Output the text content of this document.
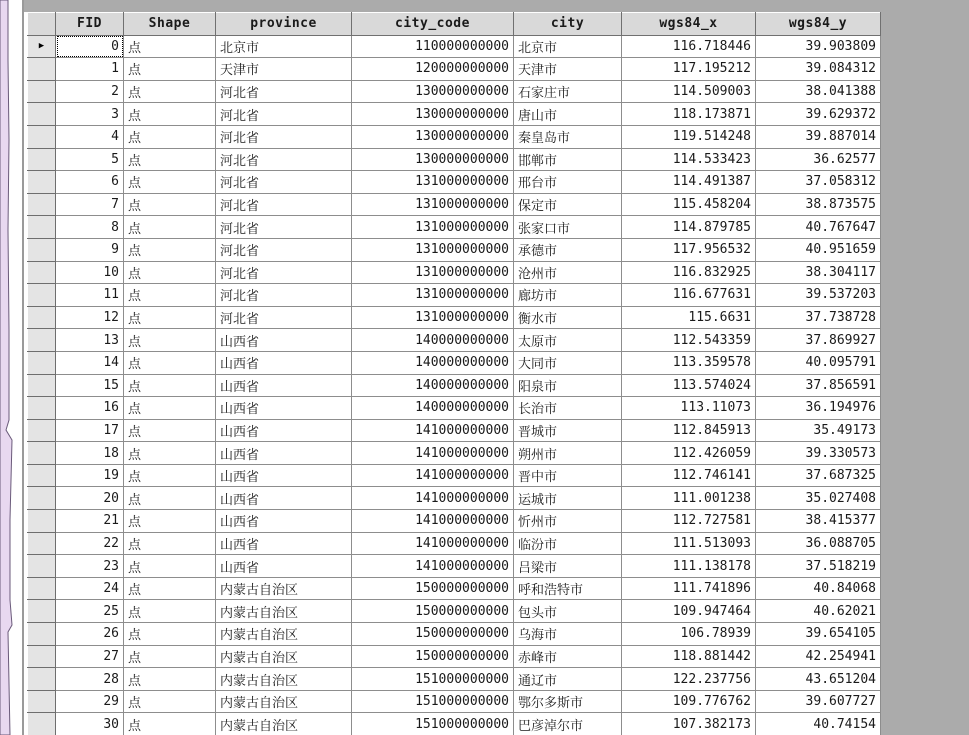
	FID	Shape	province	city_code	city	wgs84_x	wgs84_y
▶	0	点	北京市	110000000000	北京市	116.718446	39.903809
	1	点	天津市	120000000000	天津市	117.195212	39.084312
	2	点	河北省	130000000000	石家庄市	114.509003	38.041388
	3	点	河北省	130000000000	唐山市	118.173871	39.629372
	4	点	河北省	130000000000	秦皇岛市	119.514248	39.887014
	5	点	河北省	130000000000	邯郸市	114.533423	36.62577
	6	点	河北省	131000000000	邢台市	114.491387	37.058312
	7	点	河北省	131000000000	保定市	115.458204	38.873575
	8	点	河北省	131000000000	张家口市	114.879785	40.767647
	9	点	河北省	131000000000	承德市	117.956532	40.951659
	10	点	河北省	131000000000	沧州市	116.832925	38.304117
	11	点	河北省	131000000000	廊坊市	116.677631	39.537203
	12	点	河北省	131000000000	衡水市	115.6631	37.738728
	13	点	山西省	140000000000	太原市	112.543359	37.869927
	14	点	山西省	140000000000	大同市	113.359578	40.095791
	15	点	山西省	140000000000	阳泉市	113.574024	37.856591
	16	点	山西省	140000000000	长治市	113.11073	36.194976
	17	点	山西省	141000000000	晋城市	112.845913	35.49173
	18	点	山西省	141000000000	朔州市	112.426059	39.330573
	19	点	山西省	141000000000	晋中市	112.746141	37.687325
	20	点	山西省	141000000000	运城市	111.001238	35.027408
	21	点	山西省	141000000000	忻州市	112.727581	38.415377
	22	点	山西省	141000000000	临汾市	111.513093	36.088705
	23	点	山西省	141000000000	吕梁市	111.138178	37.518219
	24	点	内蒙古自治区	150000000000	呼和浩特市	111.741896	40.84068
	25	点	内蒙古自治区	150000000000	包头市	109.947464	40.62021
	26	点	内蒙古自治区	150000000000	乌海市	106.78939	39.654105
	27	点	内蒙古自治区	150000000000	赤峰市	118.881442	42.254941
	28	点	内蒙古自治区	151000000000	通辽市	122.237756	43.651204
	29	点	内蒙古自治区	151000000000	鄂尔多斯市	109.776762	39.607727
	30	点	内蒙古自治区	151000000000	巴彦淖尔市	107.382173	40.74154
